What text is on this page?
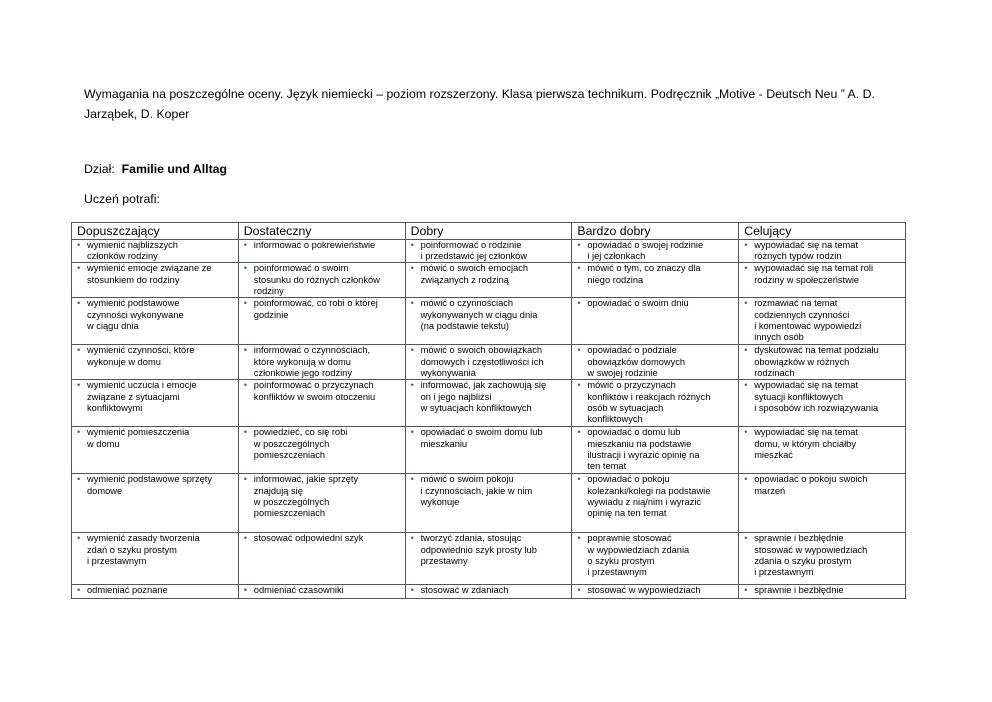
Wymagania na poszczególne oceny. Język niemiecki – poziom rozszerzony. Klasa pierwsza technikum. Podręcznik „Motive - Deutsch Neu ” A. D. Jarząbek, D. Koper
Dział: Familie und Alltag
Uczeń potrafi:
Dopuszczający	Dostateczny	Dobry	Bardzo dobry	Celujący

• wymienić najbliższych
członków rodziny	• informować o pokrewieństwie	• poinformować o rodzinie
i przedstawić jej członków	• opowiadać o swojej rodzinie
i jej członkach	• wypowiadać się na temat
różnych typów rodzin

• wymienić emocje związane ze
stosunkiem do rodziny	• poinformować o swoim
stosunku do różnych członków
rodziny	• mówić o swoich emocjach
związanych z rodziną	• mówić o tym, co znaczy dla
niego rodzina	• wypowiadać się na temat roli
rodziny w społeczeństwie

• wymienić podstawowe
czynności wykonywane
w ciągu dnia	• poinformować, co robi o której
godzinie	• mówić o czynnościach
wykonywanych w ciągu dnia
(na podstawie tekstu)	• opowiadać o swoim dniu	• rozmawiać na temat
codziennych czynności
i komentować wypowiedzi
innych osób

• wymienić czynności, które
wykonuje w domu	• informować o czynnościach,
które wykonują w domu
członkowie jego rodziny	• mówić o swoich obowiązkach
domowych i częstotliwości ich
wykonywania	• opowiadać o podziale
obowiązków domowych
w swojej rodzinie	• dyskutować na temat podziału
obowiązków w różnych
rodzinach

• wymienić uczucia i emocje
związane z sytuacjami
konfliktowymi	• poinformować o przyczynach
konfliktów w swoim otoczeniu	• informować, jak zachowują się
on i jego najbliżsi
w sytuacjach konfliktowych	• mówić o przyczynach
konfliktów i reakcjach różnych
osób w sytuacjach
konfliktowych	• wypowiadać się na temat
sytuacji konfliktowych
i sposobów ich rozwiązywania

• wymienić pomieszczenia
w domu	• powiedzieć, co się robi
w poszczególnych
pomieszczeniach	• opowiadać o swoim domu lub
mieszkaniu	• opowiadać o domu lub
mieszkaniu na podstawie
ilustracji i wyrazić opinię na
ten temat	• wypowiadać się na temat
domu, w którym chciałby
mieszkać

• wymienić podstawowe sprzęty
domowe	• informować, jakie sprzęty
znajdują się
w poszczególnych
pomieszczeniach	• mówić o swoim pokoju
i czynnościach, jakie w nim
wykonuje	• opowiadać o pokoju
koleżanki/kolegi na podstawie
wywiadu z nią/nim i wyrazić
opinię na ten temat	• opowiadać o pokoju swoich
marzeń

• wymienić zasady tworzenia
zdań o szyku prostym
i przestawnym	• stosować odpowiedni szyk	• tworzyć zdania, stosując
odpowiednio szyk prosty lub
przestawny	• poprawnie stosować
w wypowiedziach zdania
o szyku prostym
i przestawnym	• sprawnie i bezbłędnie
stosować w wypowiedziach
zdania o szyku prostym
i przestawnym

• odmieniać poznane	• odmieniać czasowniki	• stosować w zdaniach	• stosować w wypowiedziach	• sprawnie i bezbłędnie
